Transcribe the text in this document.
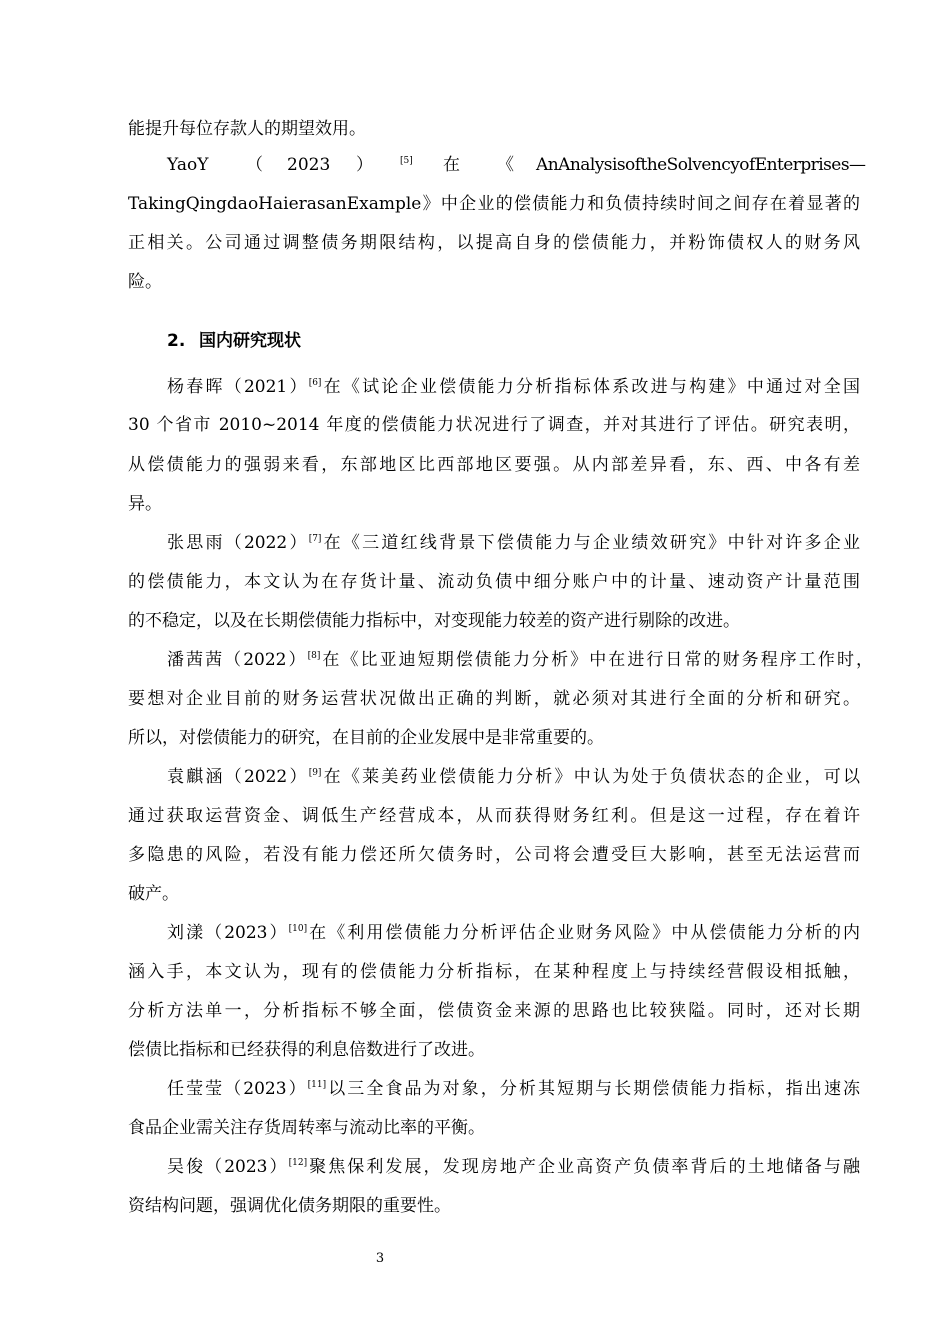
能提升每位存款人的期望效用。
YaoY （ 2023 ）	[5] 在 《 AnAnalysisoftheSolvencyofEnterprises—
TakingQingdaoHaierasanExample》中企业的偿债能力和负债持续时间之间存在着显著的
正相关。公司通过调整债务期限结构，以提高自身的偿债能力，并粉饰债权人的财务风
险。
2. 国内研究现状
杨春晖（2021）[6]在《试论企业偿债能力分析指标体系改进与构建》中通过对全国
30 个省市 2010~2014 年度的偿债能力状况进行了调查，并对其进行了评估。研究表明，
从偿债能力的强弱来看，东部地区比西部地区要强。从内部差异看，东、西、中各有差
异。
张思雨（2022）[7]在《三道红线背景下偿债能力与企业绩效研究》中针对许多企业
的偿债能力，本文认为在存货计量、流动负债中细分账户中的计量、速动资产计量范围
的不稳定，以及在长期偿债能力指标中，对变现能力较差的资产进行剔除的改进。
潘茜茜（2022）[8]在《比亚迪短期偿债能力分析》中在进行日常的财务程序工作时，
要想对企业目前的财务运营状况做出正确的判断，就必须对其进行全面的分析和研究。
所以，对偿债能力的研究，在目前的企业发展中是非常重要的。
袁麒涵（2022）[9]在《莱美药业偿债能力分析》中认为处于负债状态的企业，可以
通过获取运营资金、调低生产经营成本，从而获得财务红利。但是这一过程，存在着许
多隐患的风险，若没有能力偿还所欠债务时，公司将会遭受巨大影响，甚至无法运营而
破产。
刘漾（2023）[10]在《利用偿债能力分析评估企业财务风险》中从偿债能力分析的内
涵入手，本文认为，现有的偿债能力分析指标，在某种程度上与持续经营假设相抵触，
分析方法单一，分析指标不够全面，偿债资金来源的思路也比较狭隘。同时，还对长期
偿债比指标和已经获得的利息倍数进行了改进。
任莹莹（2023）[11]以三全食品为对象，分析其短期与长期偿债能力指标，指出速冻
食品企业需关注存货周转率与流动比率的平衡。
吴俊（2023）[12]聚焦保利发展，发现房地产企业高资产负债率背后的土地储备与融
资结构问题，强调优化债务期限的重要性。
3
